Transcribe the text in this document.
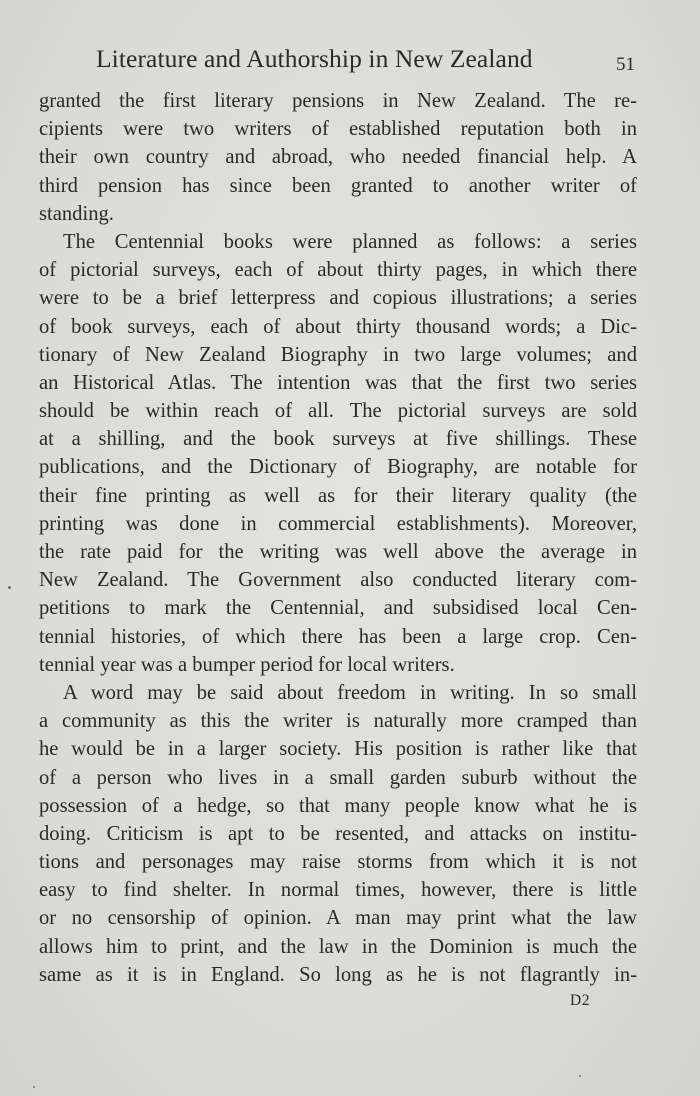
Literature and Authorship in New Zealand	51
granted the first literary pensions in New Zealand. The re-
cipients were two writers of established reputation both in
their own country and abroad, who needed financial help. A
third pension has since been granted to another writer of
standing.
The Centennial books were planned as follows: a series
of pictorial surveys, each of about thirty pages, in which there
were to be a brief letterpress and copious illustrations; a series
of book surveys, each of about thirty thousand words; a Dic-
tionary of New Zealand Biography in two large volumes; and
an Historical Atlas. The intention was that the first two series
should be within reach of all. The pictorial surveys are sold
at a shilling, and the book surveys at five shillings. These
publications, and the Dictionary of Biography, are notable for
their fine printing as well as for their literary quality (the
printing was done in commercial establishments). Moreover,
the rate paid for the writing was well above the average in
New Zealand. The Government also conducted literary com-
petitions to mark the Centennial, and subsidised local Cen-
tennial histories, of which there has been a large crop. Cen-
tennial year was a bumper period for local writers.
A word may be said about freedom in writing. In so small
a community as this the writer is naturally more cramped than
he would be in a larger society. His position is rather like that
of a person who lives in a small garden suburb without the
possession of a hedge, so that many people know what he is
doing. Criticism is apt to be resented, and attacks on institu-
tions and personages may raise storms from which it is not
easy to find shelter. In normal times, however, there is little
or no censorship of opinion. A man may print what the law
allows him to print, and the law in the Dominion is much the
same as it is in England. So long as he is not flagrantly in-
D2
